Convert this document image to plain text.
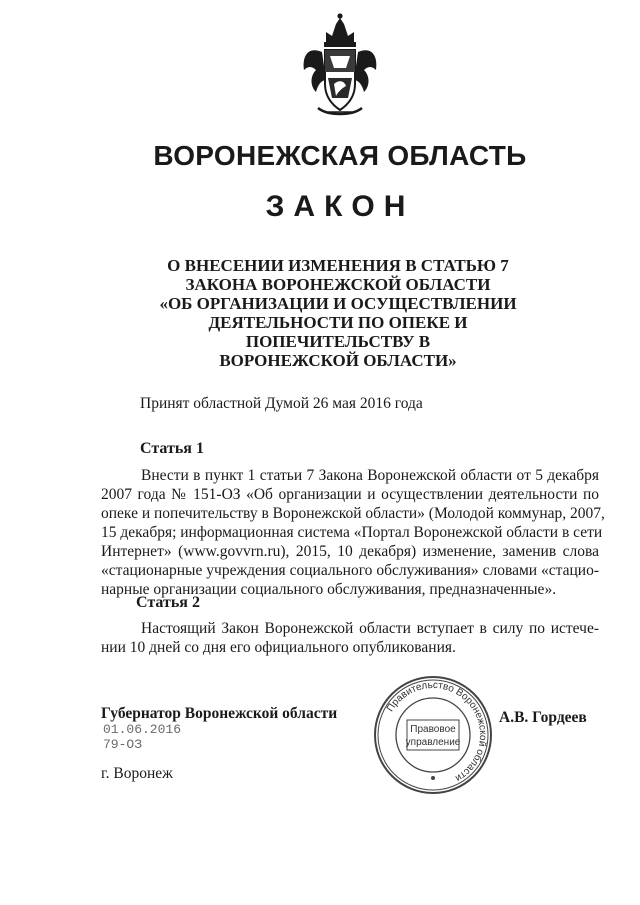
ВОРОНЕЖСКАЯ ОБЛАСТЬ
ЗАКОН
О ВНЕСЕНИИ ИЗМЕНЕНИЯ В СТАТЬЮ 7
ЗАКОНА ВОРОНЕЖСКОЙ ОБЛАСТИ
«ОБ ОРГАНИЗАЦИИ И ОСУЩЕСТВЛЕНИИ
ДЕЯТЕЛЬНОСТИ ПО ОПЕКЕ И
ПОПЕЧИТЕЛЬСТВУ В
ВОРОНЕЖСКОЙ ОБЛАСТИ»
Принят областной Думой 26 мая 2016 года
Статья 1
Внести в пункт 1 статьи 7 Закона Воронежской области от 5 декабря
2007 года № 151-ОЗ «Об организации и осуществлении деятельности по
опеке и попечительству в Воронежской области» (Молодой коммунар, 2007,
15 декабря; информационная система «Портал Воронежской области в сети
Интернет» (www.govvrn.ru), 2015, 10 декабря) изменение, заменив слова
«стационарные учреждения социального обслуживания» словами «стацио-
нарные организации социального обслуживания, предназначенные».
Статья 2
Настоящий Закон Воронежской области вступает в силу по истече-
нии 10 дней со дня его официального опубликования.
Губернатор Воронежской области	А.В. Гордеев
01.06.2016
79-ОЗ
г. Воронеж
Правительство Воронежской области
Правовое
управление
